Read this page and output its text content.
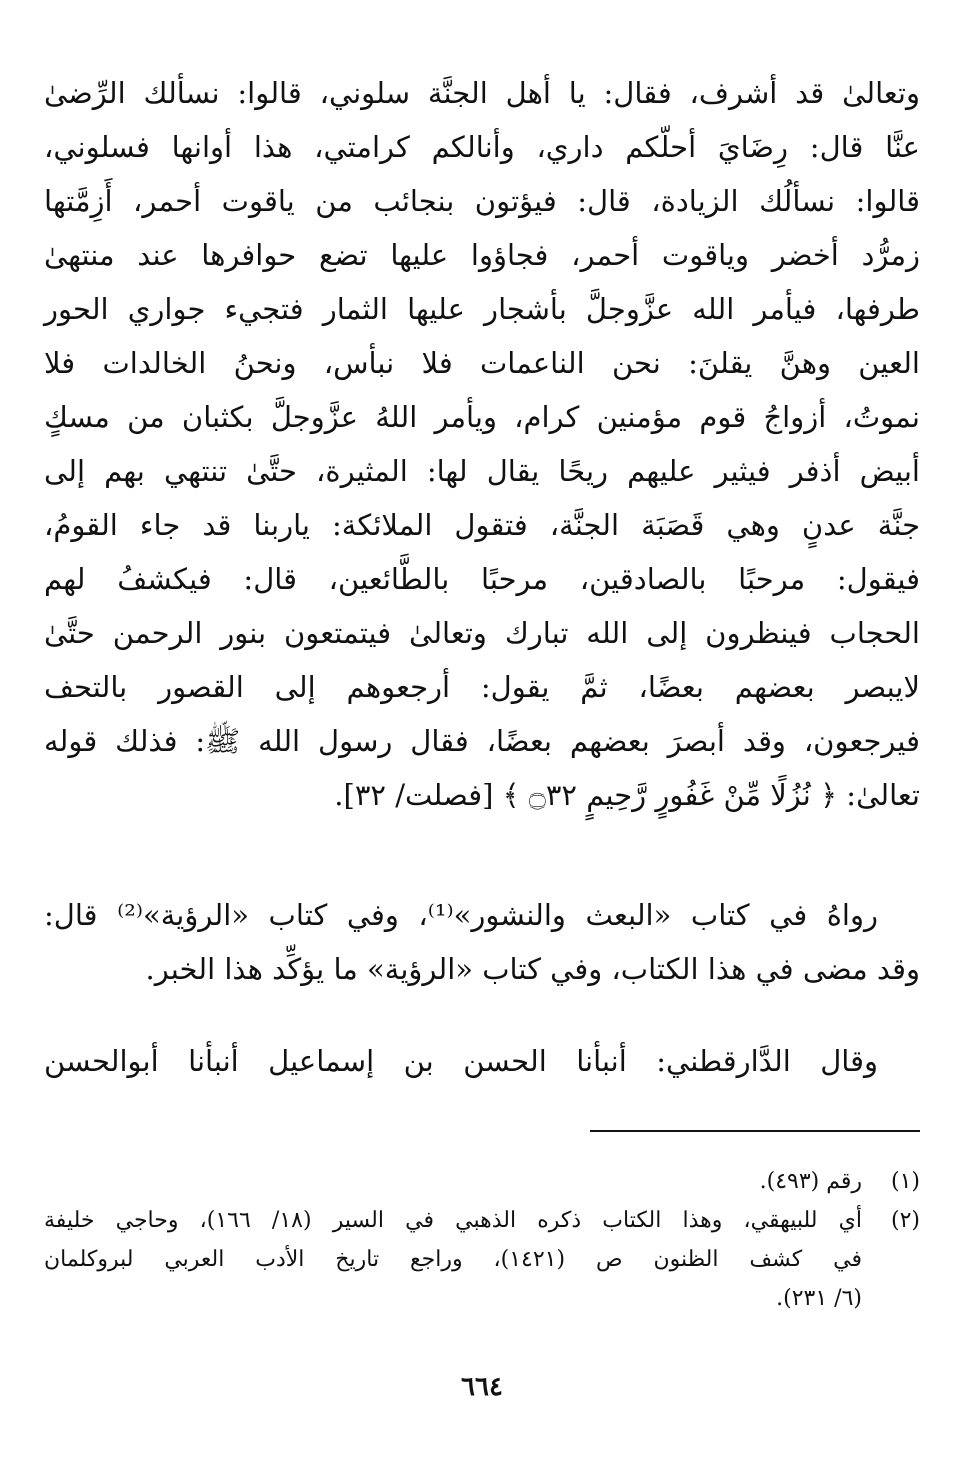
وتعالىٰ قد أشرف، فقال: يا أهل الجنَّة سلوني، قالوا: نسألك الرِّضىٰ
عنَّا قال: رِضَايَ أحلّكم داري، وأنالكم كرامتي، هذا أوانها فسلوني،
قالوا: نسألُك الزيادة، قال: فيؤتون بنجائب من ياقوت أحمر، أَزِمَّتها
زمرُّد أخضر وياقوت أحمر، فجاؤوا عليها تضع حوافرها عند منتهىٰ
طرفها، فيأمر الله عزَّوجلَّ بأشجار عليها الثمار فتجيء جواري الحور
العين وهنَّ يقلنَ: نحن الناعمات فلا نبأس، ونحنُ الخالدات فلا
نموتُ، أزواجُ قوم مؤمنين كرام، ويأمر اللهُ عزَّوجلَّ بكثبان من مسكٍ
أبيض أذفر فيثير عليهم ريحًا يقال لها: المثيرة، حتَّىٰ تنتهي بهم إلى
جنَّة عدنٍ وهي قَصَبَة الجنَّة، فتقول الملائكة: ياربنا قد جاء القومُ،
فيقول: مرحبًا بالصادقين، مرحبًا بالطَّائعين، قال: فيكشفُ لهم
الحجاب فينظرون إلى الله تبارك وتعالىٰ فيتمتعون بنور الرحمن حتَّىٰ
لايبصر بعضهم بعضًا، ثمَّ يقول: أرجعوهم إلى القصور بالتحف
فيرجعون، وقد أبصرَ بعضهم بعضًا، فقال رسول الله ﷺ: فذلك قوله
تعالىٰ: ﴿ نُزُلًا مِّنْ غَفُورٍ رَّحِيمٍ ۝٣٢ ﴾ [فصلت/ ٣٢].
رواهُ في كتاب «البعث والنشور»⁽¹⁾، وفي كتاب «الرؤية»⁽²⁾ قال:
وقد مضى في هذا الكتاب، وفي كتاب «الرؤية» ما يؤكِّد هذا الخبر.
وقال الدَّارقطني: أنبأنا الحسن بن إسماعيل أنبأنا أبوالحسن
(١)
رقم (٤٩٣).
(٢)
أي للبيهقي، وهذا الكتاب ذكره الذهبي في السير (١٨/ ١٦٦)، وحاجي خليفة
في كشف الظنون ص (١٤٢١)، وراجع تاريخ الأدب العربي لبروكلمان
(٦/ ٢٣١).
٦٦٤
